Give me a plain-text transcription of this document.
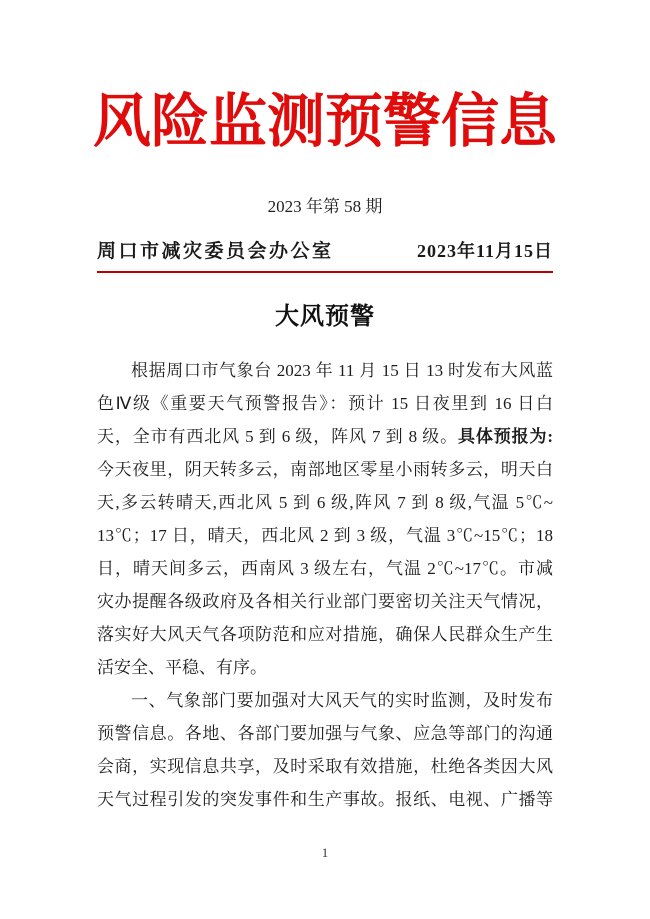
风险监测预警信息
2023 年第 58 期
周口市减灾委员会办公室	2023年11月15日
大风预警
根据周口市气象台 2023 年 11 月 15 日 13 时发布大风蓝
色Ⅳ级《重要天气预警报告》：预计 15 日夜里到 16 日白
天，全市有西北风 5 到 6 级，阵风 7 到 8 级。具体预报为:
今天夜里，阴天转多云，南部地区零星小雨转多云，明天白
天,多云转晴天,西北风 5 到 6 级,阵风 7 到 8 级,气温 5℃~
13℃；17 日，晴天，西北风 2 到 3 级，气温 3℃~15℃；18
日，晴天间多云，西南风 3 级左右，气温 2℃~17℃。市减
灾办提醒各级政府及各相关行业部门要密切关注天气情况，
落实好大风天气各项防范和应对措施，确保人民群众生产生
活安全、平稳、有序。
一、气象部门要加强对大风天气的实时监测，及时发布
预警信息。各地、各部门要加强与气象、应急等部门的沟通
会商，实现信息共享，及时采取有效措施，杜绝各类因大风
天气过程引发的突发事件和生产事故。报纸、电视、广播等
1
